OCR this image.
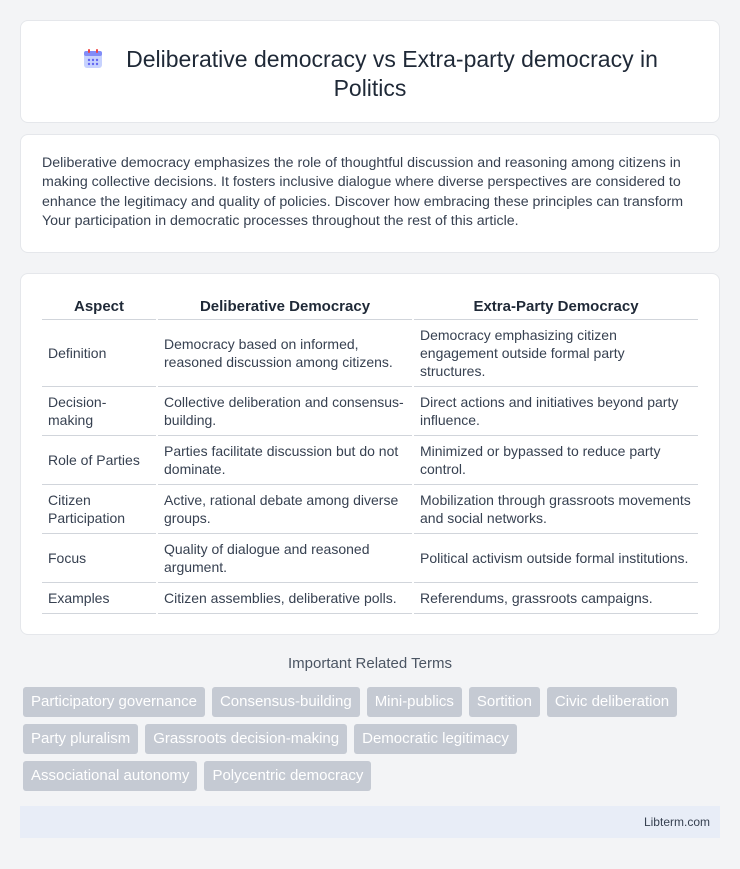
Deliberative democracy vs Extra-party democracy in
Politics

Deliberative democracy emphasizes the role of thoughtful discussion and reasoning among citizens in making collective decisions. It fosters inclusive dialogue where diverse perspectives are considered to enhance the legitimacy and quality of policies. Discover how embracing these principles can transform Your participation in democratic processes throughout the rest of this article.

Aspect	Deliberative Democracy	Extra-Party Democracy
Definition	Democracy based on informed, reasoned discussion among citizens.	Democracy emphasizing citizen engagement outside formal party structures.
Decision-making	Collective deliberation and consensus-building.	Direct actions and initiatives beyond party influence.
Role of Parties	Parties facilitate discussion but do not dominate.	Minimized or bypassed to reduce party control.
Citizen Participation	Active, rational debate among diverse groups.	Mobilization through grassroots movements and social networks.
Focus	Quality of dialogue and reasoned argument.	Political activism outside formal institutions.
Examples	Citizen assemblies, deliberative polls.	Referendums, grassroots campaigns.
Important Related Terms
Participatory governance	Consensus-building	Mini-publics	Sortition	Civic deliberation
Party pluralism	Grassroots decision-making	Democratic legitimacy
Associational autonomy	Polycentric democracy
Libterm.com
